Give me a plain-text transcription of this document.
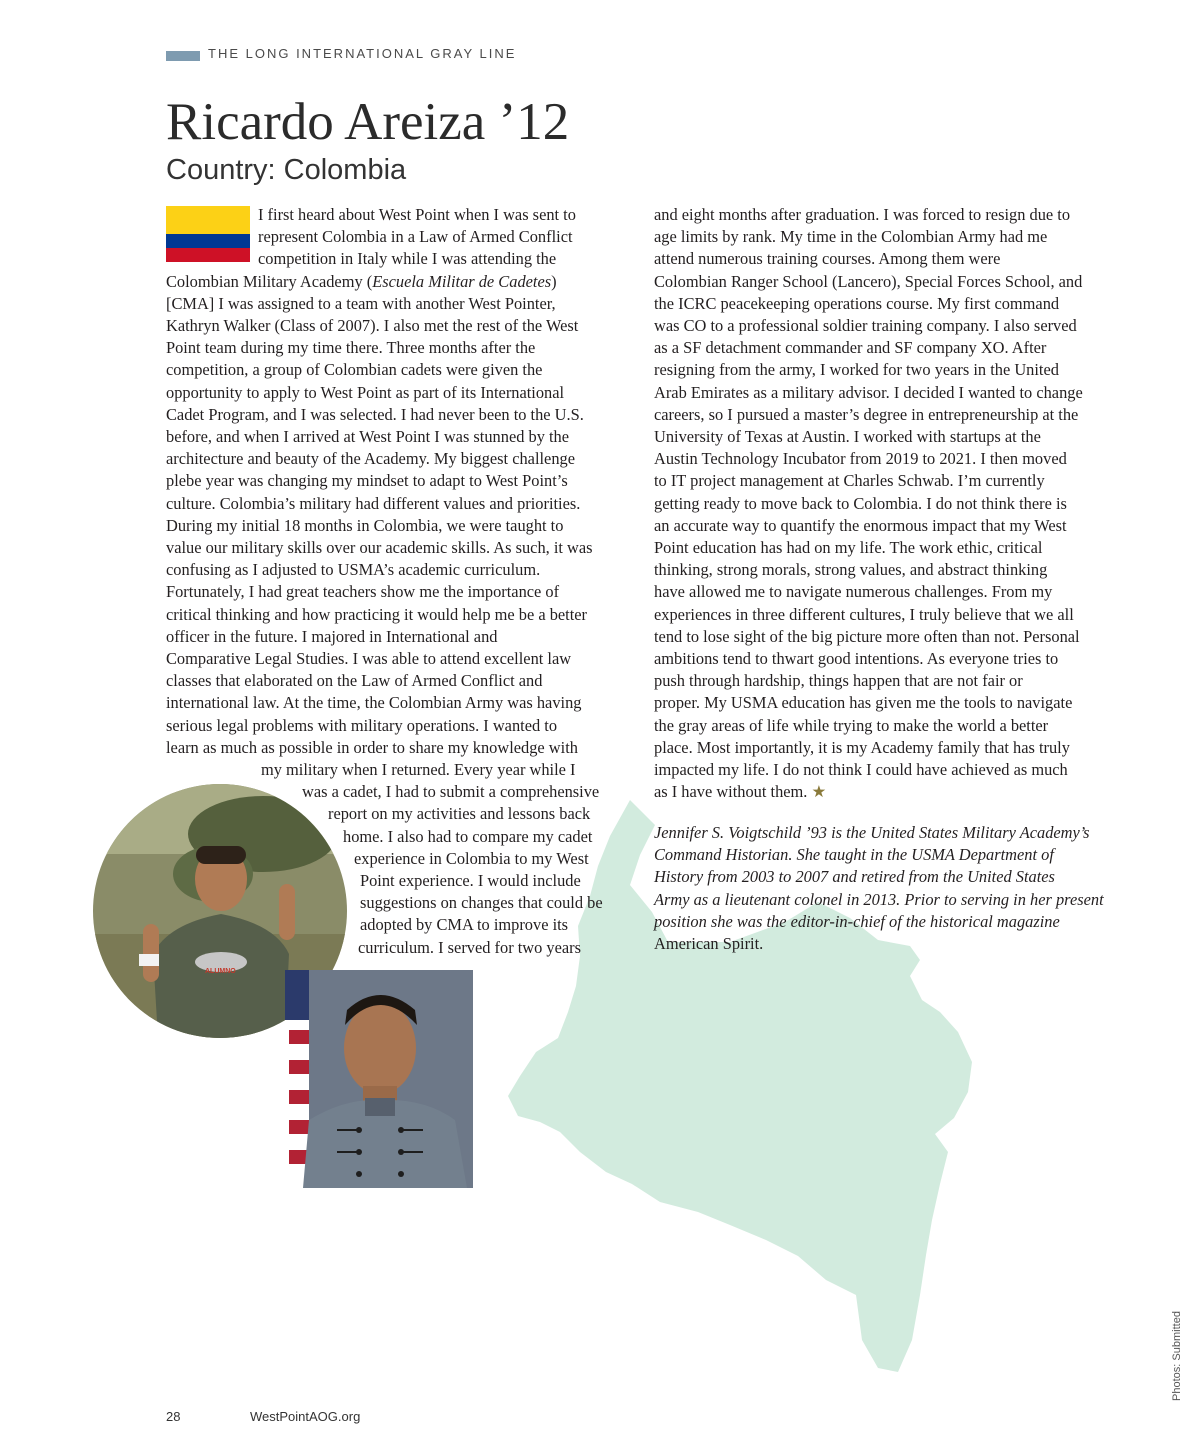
THE LONG INTERNATIONAL GRAY LINE
Ricardo Areiza ’12
Country: Colombia
I first heard about West Point when I was sent to
represent Colombia in a Law of Armed Conflict
competition in Italy while I was attending the
Colombian Military Academy (Escuela Militar de Cadetes)
[CMA] I was assigned to a team with another West Pointer,
Kathryn Walker (Class of 2007). I also met the rest of the West
Point team during my time there. Three months after the
competition, a group of Colombian cadets were given the
opportunity to apply to West Point as part of its International
Cadet Program, and I was selected. I had never been to the U.S.
before, and when I arrived at West Point I was stunned by the
architecture and beauty of the Academy. My biggest challenge
plebe year was changing my mindset to adapt to West Point’s
culture. Colombia’s military had different values and priorities.
During my initial 18 months in Colombia, we were taught to
value our military skills over our academic skills. As such, it was
confusing as I adjusted to USMA’s academic curriculum.
Fortunately, I had great teachers show me the importance of
critical thinking and how practicing it would help me be a better
officer in the future. I majored in International and
Comparative Legal Studies. I was able to attend excellent law
classes that elaborated on the Law of Armed Conflict and
international law. At the time, the Colombian Army was having
serious legal problems with military operations. I wanted to
learn as much as possible in order to share my knowledge with
my military when I returned. Every year while I
was a cadet, I had to submit a comprehensive
report on my activities and lessons back
home. I also had to compare my cadet
experience in Colombia to my West
Point experience. I would include
suggestions on changes that could be
adopted by CMA to improve its
curriculum. I served for two years
and eight months after graduation. I was forced to resign due to
age limits by rank. My time in the Colombian Army had me
attend numerous training courses. Among them were
Colombian Ranger School (Lancero), Special Forces School, and
the ICRC peacekeeping operations course. My first command
was CO to a professional soldier training company. I also served
as a SF detachment commander and SF company XO. After
resigning from the army, I worked for two years in the United
Arab Emirates as a military advisor. I decided I wanted to change
careers, so I pursued a master’s degree in entrepreneurship at the
University of Texas at Austin. I worked with startups at the
Austin Technology Incubator from 2019 to 2021. I then moved
to IT project management at Charles Schwab. I’m currently
getting ready to move back to Colombia. I do not think there is
an accurate way to quantify the enormous impact that my West
Point education has had on my life. The work ethic, critical
thinking, strong morals, strong values, and abstract thinking
have allowed me to navigate numerous challenges. From my
experiences in three different cultures, I truly believe that we all
tend to lose sight of the big picture more often than not. Personal
ambitions tend to thwart good intentions. As everyone tries to
push through hardship, things happen that are not fair or
proper. My USMA education has given me the tools to navigate
the gray areas of life while trying to make the world a better
place. Most importantly, it is my Academy family that has truly
impacted my life. I do not think I could have achieved as much
as I have without them. ★
Jennifer S. Voigtschild ’93 is the United States Military Academy’s
Command Historian. She taught in the USMA Department of
History from 2003 to 2007 and retired from the United States
Army as a lieutenant colonel in 2013. Prior to serving in her present
position she was the editor-in-chief of the historical magazine
American Spirit.
ALUMNO
Photos: Submitted
28	WestPointAOG.org
